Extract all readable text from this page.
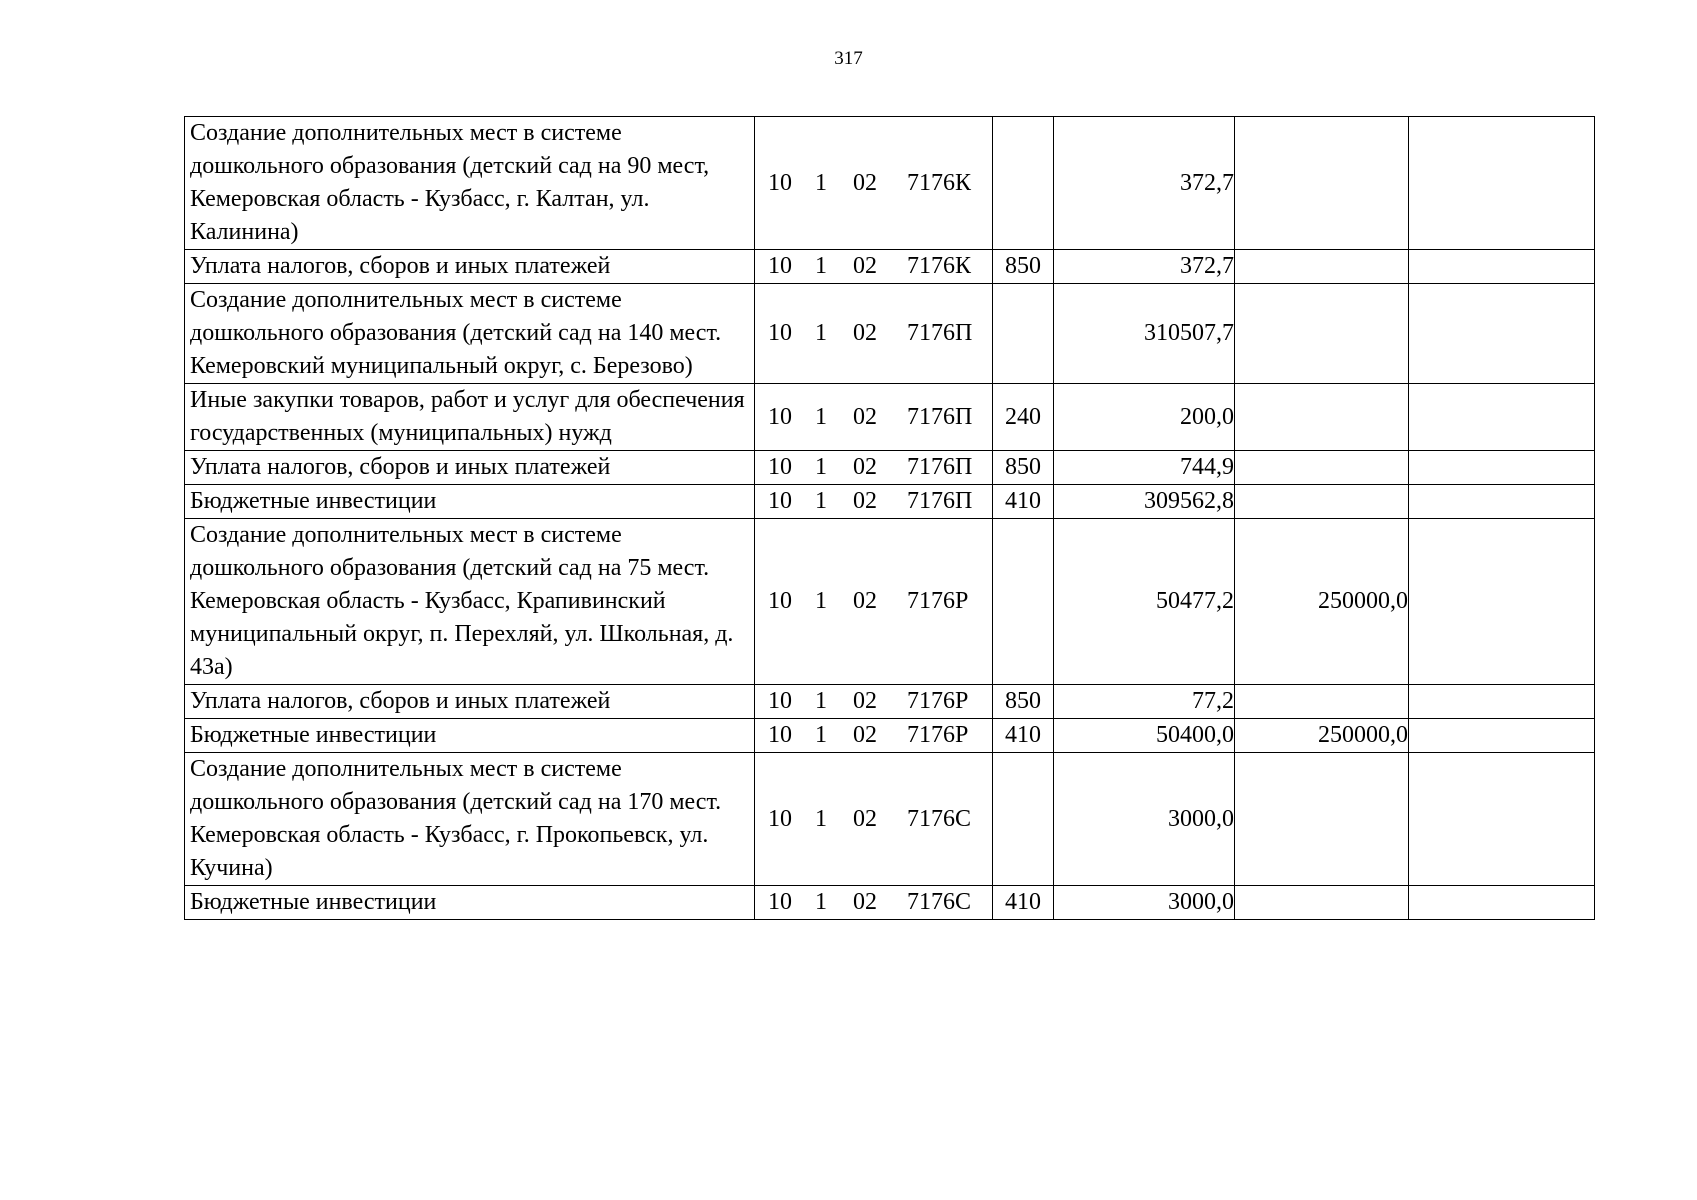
317
Создание дополнительных мест в системе дошкольного образования (детский сад на 90 мест, Кемеровская область - Кузбасс, г. Калтан, ул. Калинина)	10 1 02 7176К		372,7		
Уплата налогов, сборов и иных платежей	10 1 02 7176К	850	372,7		
Создание дополнительных мест в системе дошкольного образования (детский сад на 140 мест. Кемеровский муниципальный округ, с. Березово)	10 1 02 7176П		310507,7		
Иные закупки товаров, работ и услуг для обеспечения государственных (муниципальных) нужд	10 1 02 7176П	240	200,0		
Уплата налогов, сборов и иных платежей	10 1 02 7176П	850	744,9		
Бюджетные инвестиции	10 1 02 7176П	410	309562,8		
Создание дополнительных мест в системе дошкольного образования (детский сад на 75 мест. Кемеровская область - Кузбасс, Крапивинский муниципальный округ, п. Перехляй, ул. Школьная, д. 43а)	10 1 02 7176Р		50477,2	250000,0	
Уплата налогов, сборов и иных платежей	10 1 02 7176Р	850	77,2		
Бюджетные инвестиции	10 1 02 7176Р	410	50400,0	250000,0	
Создание дополнительных мест в системе дошкольного образования (детский сад на 170 мест. Кемеровская область - Кузбасс, г. Прокопьевск, ул. Кучина)	10 1 02 7176С		3000,0		
Бюджетные инвестиции	10 1 02 7176С	410	3000,0		
